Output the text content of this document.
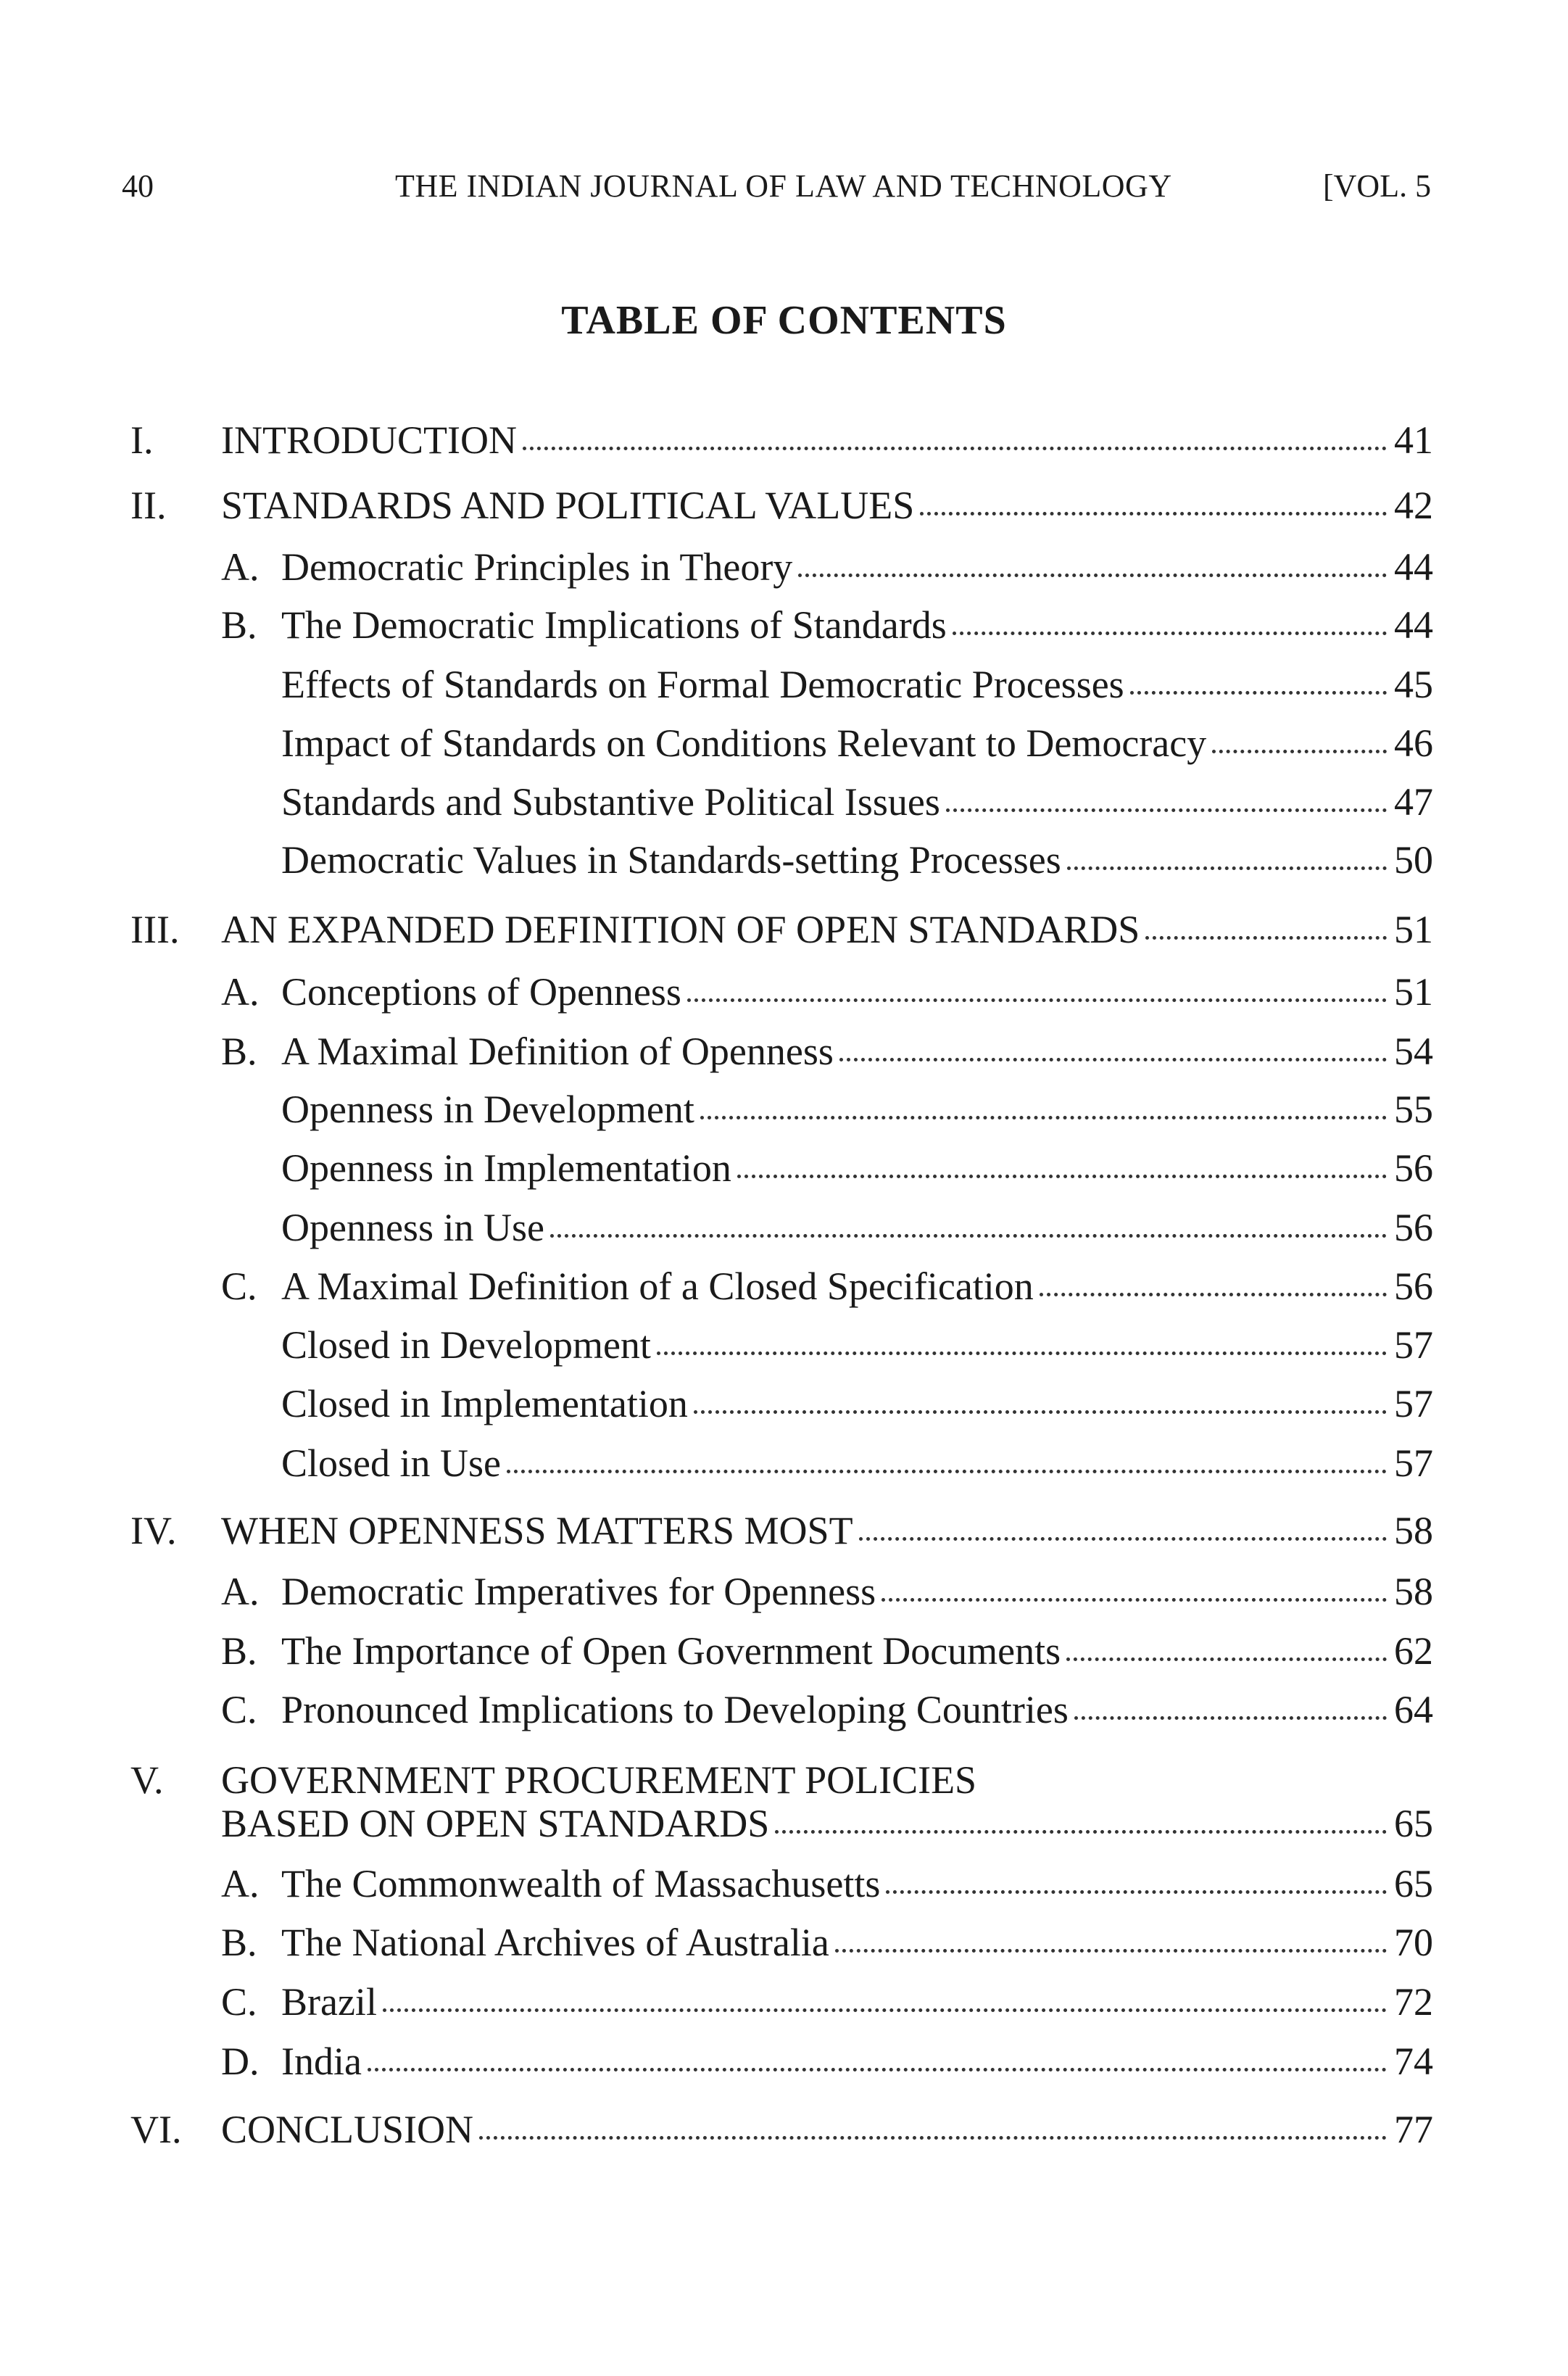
40	THE INDIAN JOURNAL OF LAW AND TECHNOLOGY	[VOL. 5
TABLE OF CONTENTS
I. INTRODUCTION	41
II. STANDARDS AND POLITICAL VALUES	42
A. Democratic Principles in Theory	44
B. The Democratic Implications of Standards	44
Effects of Standards on Formal Democratic Processes	45
Impact of Standards on Conditions Relevant to Democracy	46
Standards and Substantive Political Issues	47
Democratic Values in Standards-setting Processes	50
III. AN EXPANDED DEFINITION OF OPEN STANDARDS	51
A. Conceptions of Openness	51
B. A Maximal Definition of Openness	54
Openness in Development	55
Openness in Implementation	56
Openness in Use	56
C. A Maximal Definition of a Closed Specification	56
Closed in Development	57
Closed in Implementation	57
Closed in Use	57
IV. WHEN OPENNESS MATTERS MOST	58
A. Democratic Imperatives for Openness	58
B. The Importance of Open Government Documents	62
C. Pronounced Implications to Developing Countries	64
V. GOVERNMENT PROCUREMENT POLICIES
BASED ON OPEN STANDARDS	65
A. The Commonwealth of Massachusetts	65
B. The National Archives of Australia	70
C. Brazil	72
D. India	74
VI. CONCLUSION	77
